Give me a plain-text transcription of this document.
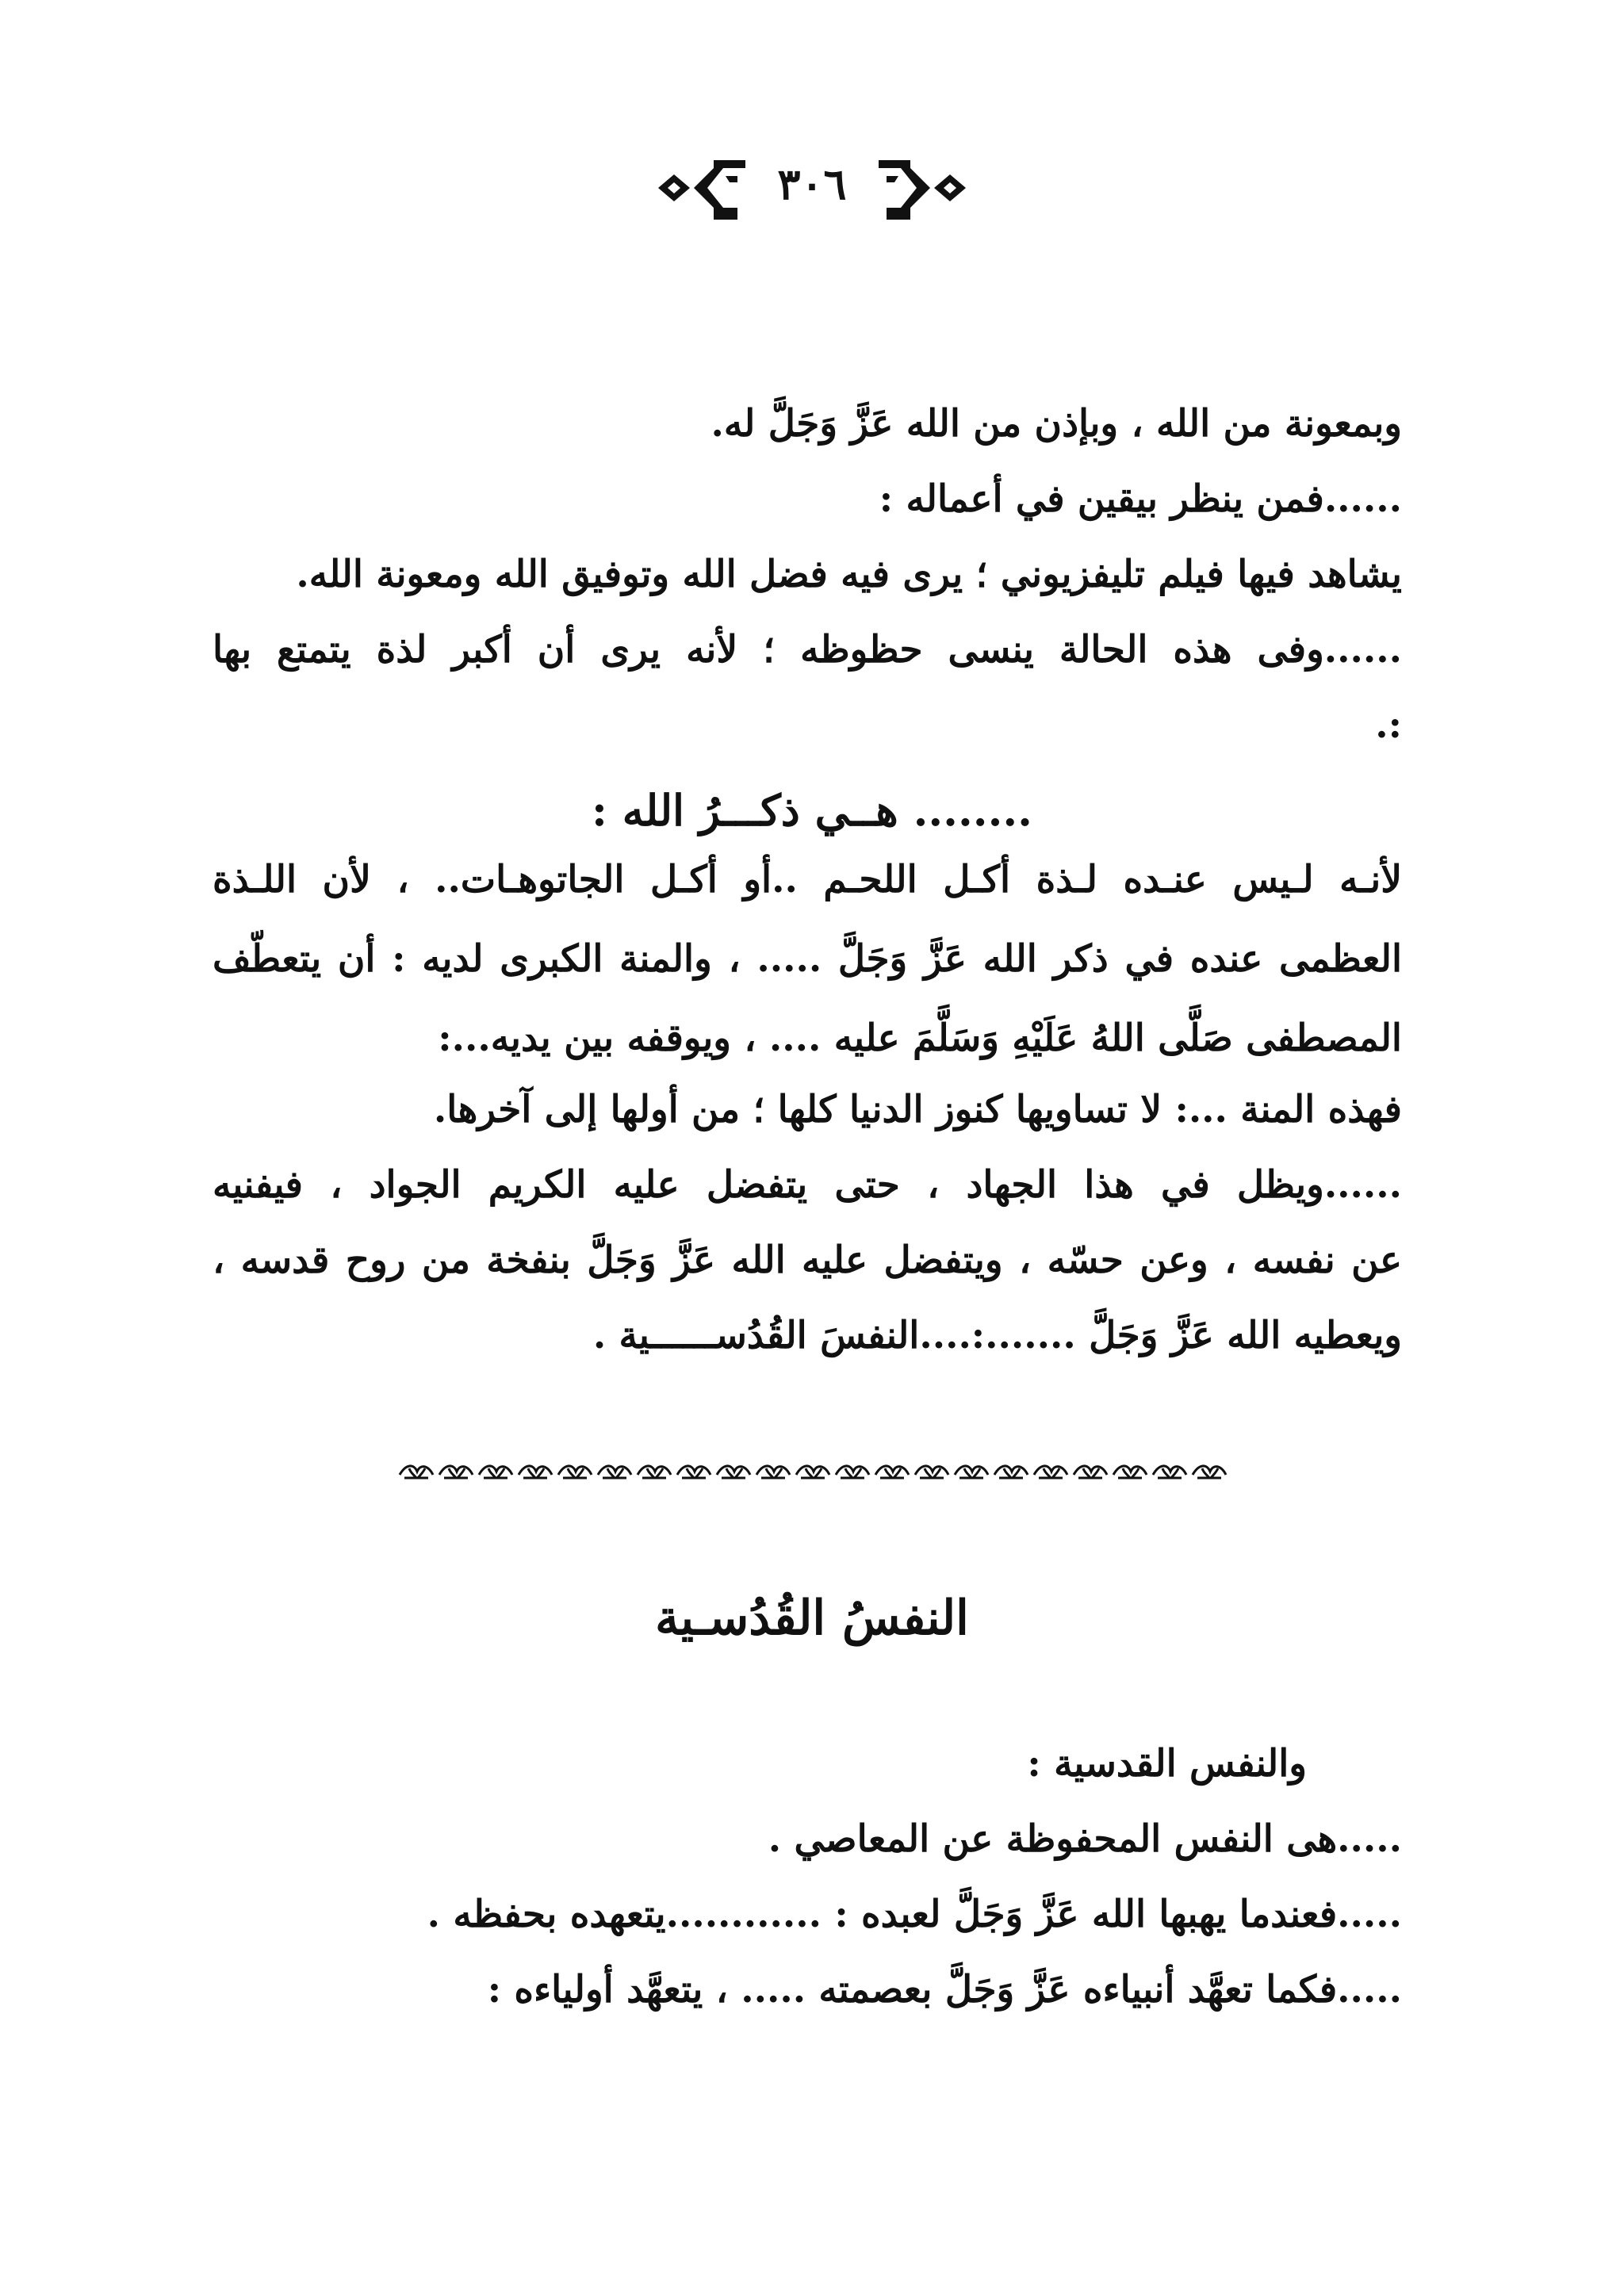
٣٠٦
وبمعونة من الله ، وبإذن من الله عَزَّ وَجَلَّ له.
......فمن ينظر بيقين في أعماله :
يشاهد فيها فيلم تليفزيوني ؛ يرى فيه فضل الله وتوفيق الله ومعونة الله.
......وفى هذه الحالة ينسى حظوظه ؛ لأنه يرى أن أكبر لذة يتمتع بها
:.
........ هــي ذكـــرُ الله :
لأنـه لـيس عنـده لـذة أكـل اللحـم ..أو أكـل الجاتوهـات.. ، لأن اللـذة
العظمى عنده في ذكر الله عَزَّ وَجَلَّ ..... ، والمنة الكبرى لديه : أن يتعطّف
المصطفى صَلَّى اللهُ عَلَيْهِ وَسَلَّمَ عليه .... ، ويوقفه بين يديه...:
فهذه المنة ...: لا تساويها كنوز الدنيا كلها ؛ من أولها إلى آخرها.
......ويظل في هذا الجهاد ، حتى يتفضل عليه الكريم الجواد ، فيفنيه
عن نفسه ، وعن حسّه ، ويتفضل عليه الله عَزَّ وَجَلَّ بنفخة من روح قدسه ،
ويعطيه الله عَزَّ وَجَلَّ .......:....النفسَ القُدُســــــية .
النفسُ القُدُسـية
والنفس القدسية :
.....هى النفس المحفوظة عن المعاصي .
.....فعندما يهبها الله عَزَّ وَجَلَّ لعبده : ............يتعهده بحفظه .
.....فكما تعهَّد أنبياءه عَزَّ وَجَلَّ بعصمته ..... ، يتعهَّد أولياءه :
